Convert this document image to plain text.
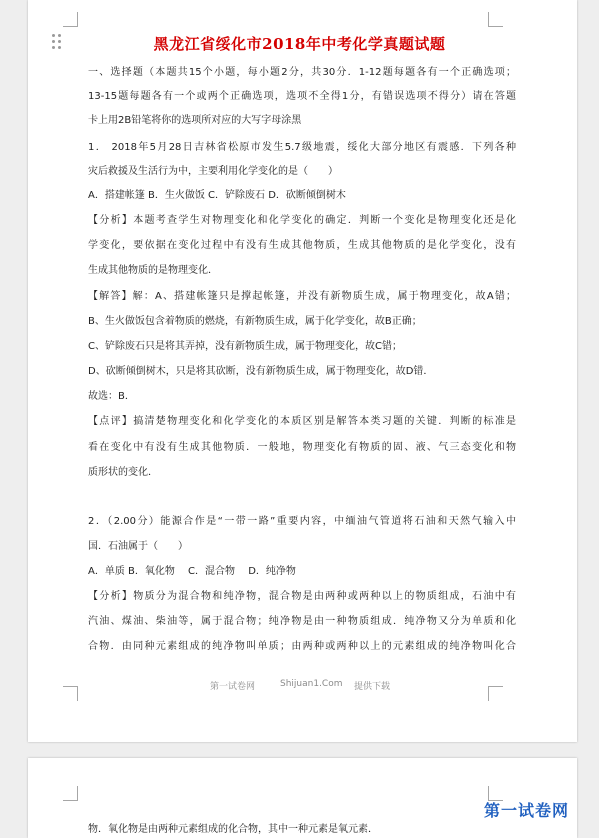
黑龙江省绥化市2018年中考化学真题试题
一、选择题（本题共15个小题，每小题2分，共30分．1-12题每题各有一个正确选项；
13-15题每题各有一个或两个正确选项，选项不全得1分，有错误选项不得分）请在答题
卡上用2B铅笔将你的选项所对应的大写字母涂黑
1． 2018年5月28日吉林省松原市发生5.7级地震，绥化大部分地区有震感．下列各种
灾后救援及生活行为中，主要利用化学变化的是（　　）
A．搭建帐篷 B．生火做饭 C．铲除废石 D．砍断倾倒树木
【分析】本题考查学生对物理变化和化学变化的确定．判断一个变化是物理变化还是化
学变化，要依据在变化过程中有没有生成其他物质，生成其他物质的是化学变化，没有
生成其他物质的是物理变化．
【解答】解：A、搭建帐篷只是撑起帐篷，并没有新物质生成，属于物理变化，故A错；
B、生火做饭包含着物质的燃烧，有新物质生成，属于化学变化，故B正确；
C、铲除废石只是将其弄掉，没有新物质生成，属于物理变化，故C错；
D、砍断倾倒树木，只是将其砍断，没有新物质生成，属于物理变化，故D错．
故选：B．
【点评】搞清楚物理变化和化学变化的本质区别是解答本类习题的关键．判断的标准是
看在变化中有没有生成其他物质．一般地，物理变化有物质的固、液、气三态变化和物
质形状的变化．
2．（2.00分）能源合作是“一带一路”重要内容，中缅油气管道将石油和天然气输入中
国．石油属于（　　）
A．单质 B．氧化物　 C．混合物　 D．纯净物
【分析】物质分为混合物和纯净物，混合物是由两种或两种以上的物质组成，石油中有
汽油、煤油、柴油等，属于混合物；纯净物是由一种物质组成．纯净物又分为单质和化
合物．由同种元素组成的纯净物叫单质；由两种或两种以上的元素组成的纯净物叫化合
第一试卷网	Shijuan1.Com 提供下载
物．氧化物是由两种元素组成的化合物，其中一种元素是氧元素．
第一试卷网
